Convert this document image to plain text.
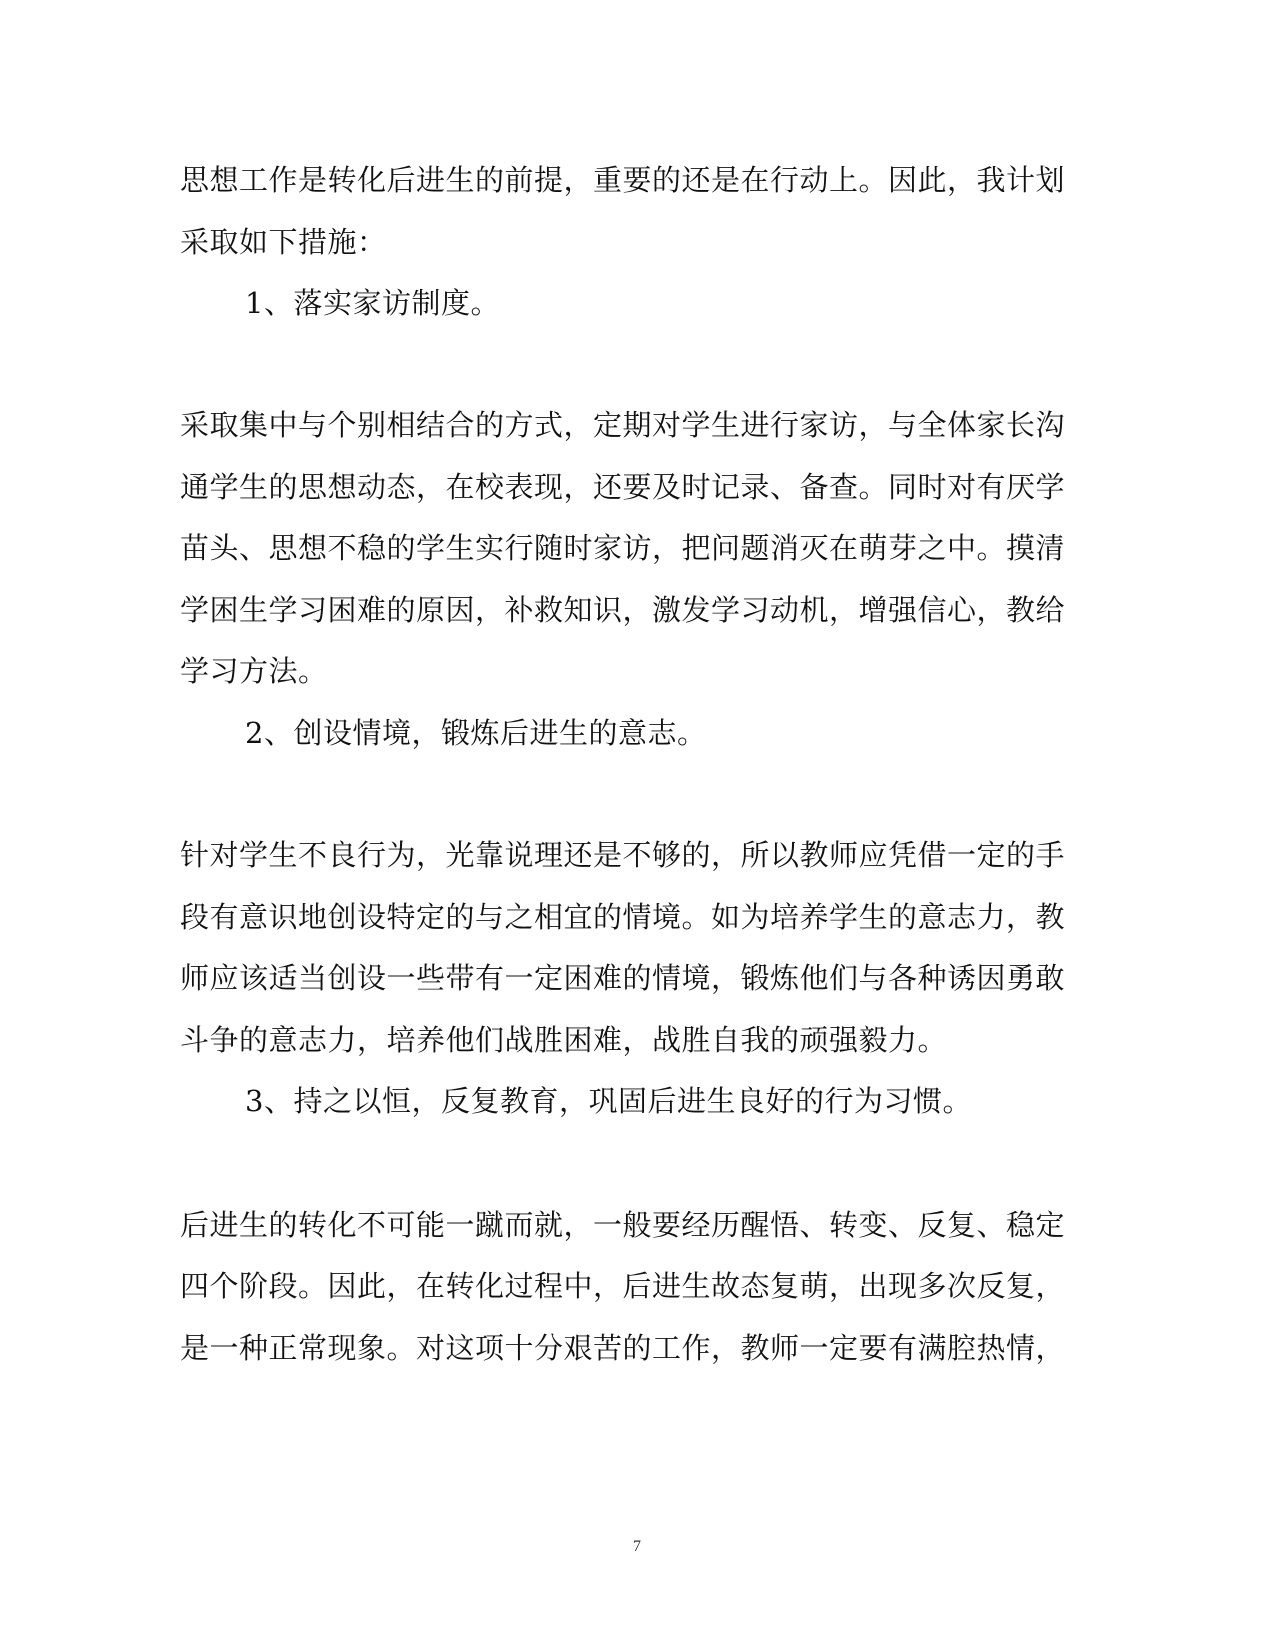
思想工作是转化后进生的前提，重要的还是在行动上。因此，我计划
采取如下措施：
1、落实家访制度。
采取集中与个别相结合的方式，定期对学生进行家访，与全体家长沟
通学生的思想动态，在校表现，还要及时记录、备查。同时对有厌学
苗头、思想不稳的学生实行随时家访，把问题消灭在萌芽之中。摸清
学困生学习困难的原因，补救知识，激发学习动机，增强信心，教给
学习方法。
2、创设情境，锻炼后进生的意志。
针对学生不良行为，光靠说理还是不够的，所以教师应凭借一定的手
段有意识地创设特定的与之相宜的情境。如为培养学生的意志力，教
师应该适当创设一些带有一定困难的情境，锻炼他们与各种诱因勇敢
斗争的意志力，培养他们战胜困难，战胜自我的顽强毅力。
3、持之以恒，反复教育，巩固后进生良好的行为习惯。
后进生的转化不可能一蹴而就，一般要经历醒悟、转变、反复、稳定
四个阶段。因此，在转化过程中，后进生故态复萌，出现多次反复，
是一种正常现象。对这项十分艰苦的工作，教师一定要有满腔热情，
7
